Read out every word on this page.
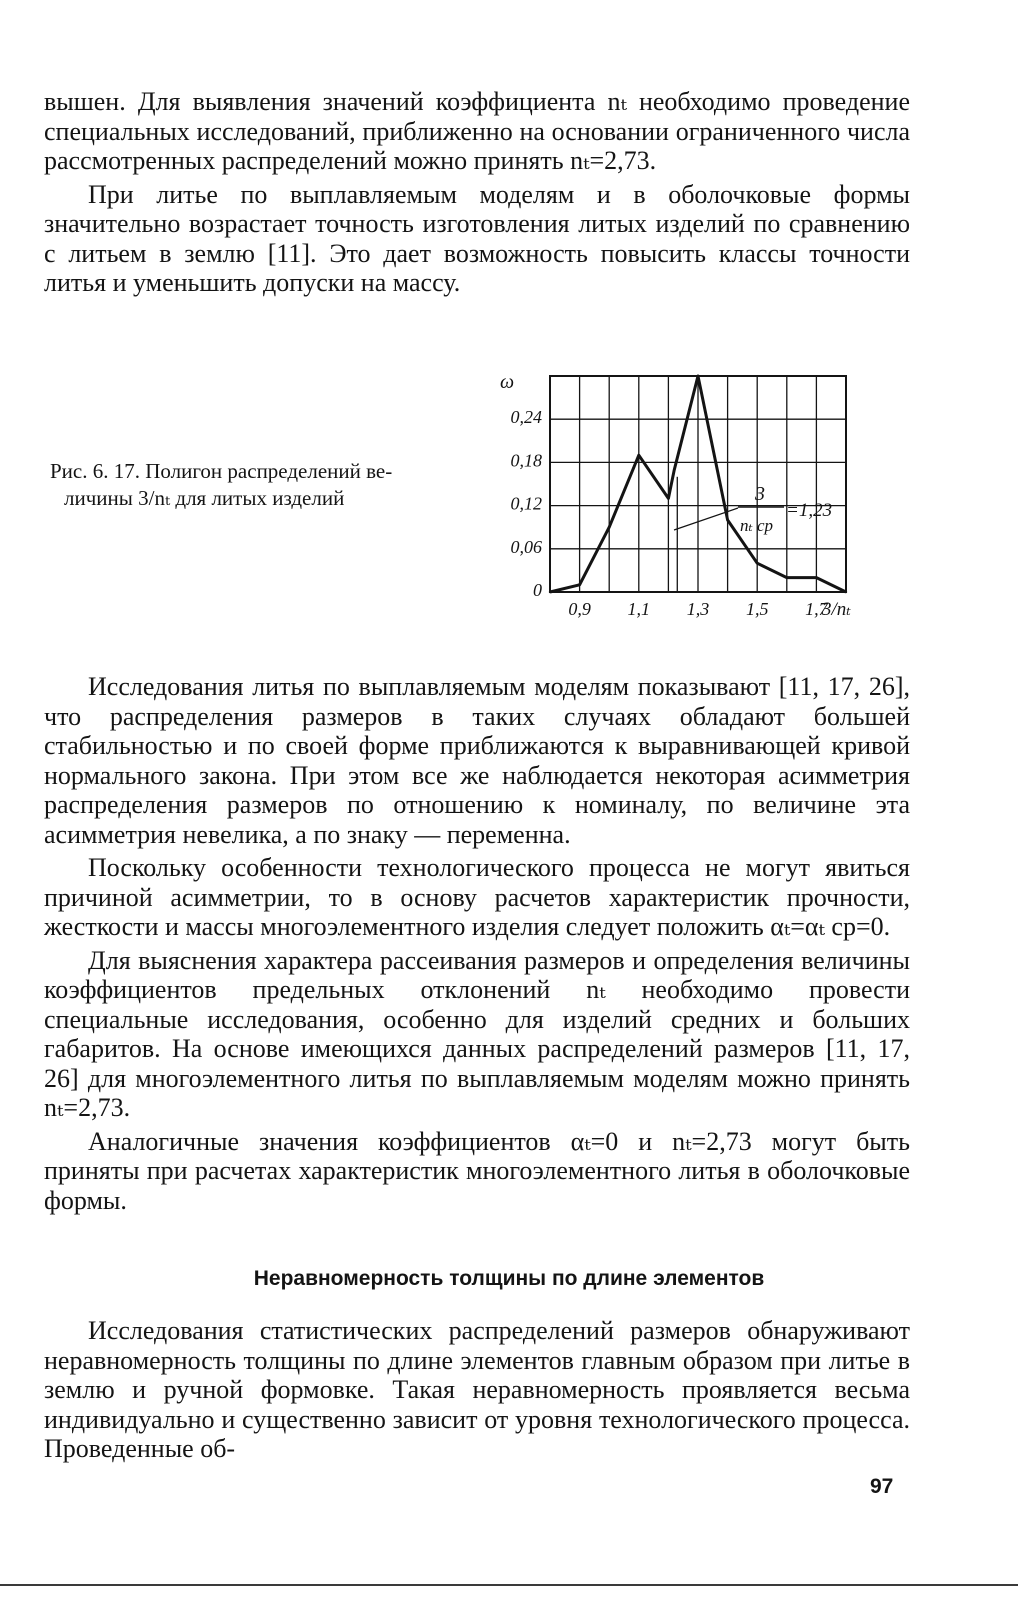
вышен. Для выявления значений коэффициента nₜ необходимо проведение специальных исследований, приближенно на основании ограниченного числа рассмотренных распределений можно принять nₜ=2,73.

При литье по выплавляемым моделям и в оболочковые формы значительно возрастает точность изготовления литых изделий по сравнению с литьем в землю [11]. Это дает возможность повысить классы точности литья и уменьшить допуски на массу.

Рис. 6. 17. Полигон распределений ве-
личины 3/nₜ для литых изделий
0
0,06
0,12
0,18
0,24
0,9 1,1 1,3 1,5 1,7
ω
3/nₜ
3
nₜ ср
=1,23

Исследования литья по выплавляемым моделям показывают [11, 17, 26], что распределения размеров в таких случаях обладают большей стабильностью и по своей форме приближаются к выравнивающей кривой нормального закона. При этом все же наблюдается некоторая асимметрия распределения размеров по отношению к номиналу, по величине эта асимметрия невелика, а по знаку — переменна.

Поскольку особенности технологического процесса не могут явиться причиной асимметрии, то в основу расчетов характеристик прочности, жесткости и массы многоэлементного изделия следует положить αₜ=αₜ ср=0.

Для выяснения характера рассеивания размеров и определения величины коэффициентов предельных отклонений nₜ необходимо провести специальные исследования, особенно для изделий средних и больших габаритов. На основе имеющихся данных распределений размеров [11, 17, 26] для многоэлементного литья по выплавляемым моделям можно принять nₜ=2,73.

Аналогичные значения коэффициентов αₜ=0 и nₜ=2,73 могут быть приняты при расчетах характеристик многоэлементного литья в оболочковые формы.

Неравномерность толщины по длине элементов

Исследования статистических распределений размеров обнаруживают неравномерность толщины по длине элементов главным образом при литье в землю и ручной формовке. Такая неравномерность проявляется весьма индивидуально и существенно зависит от уровня технологического процесса. Проведенные об-

97
